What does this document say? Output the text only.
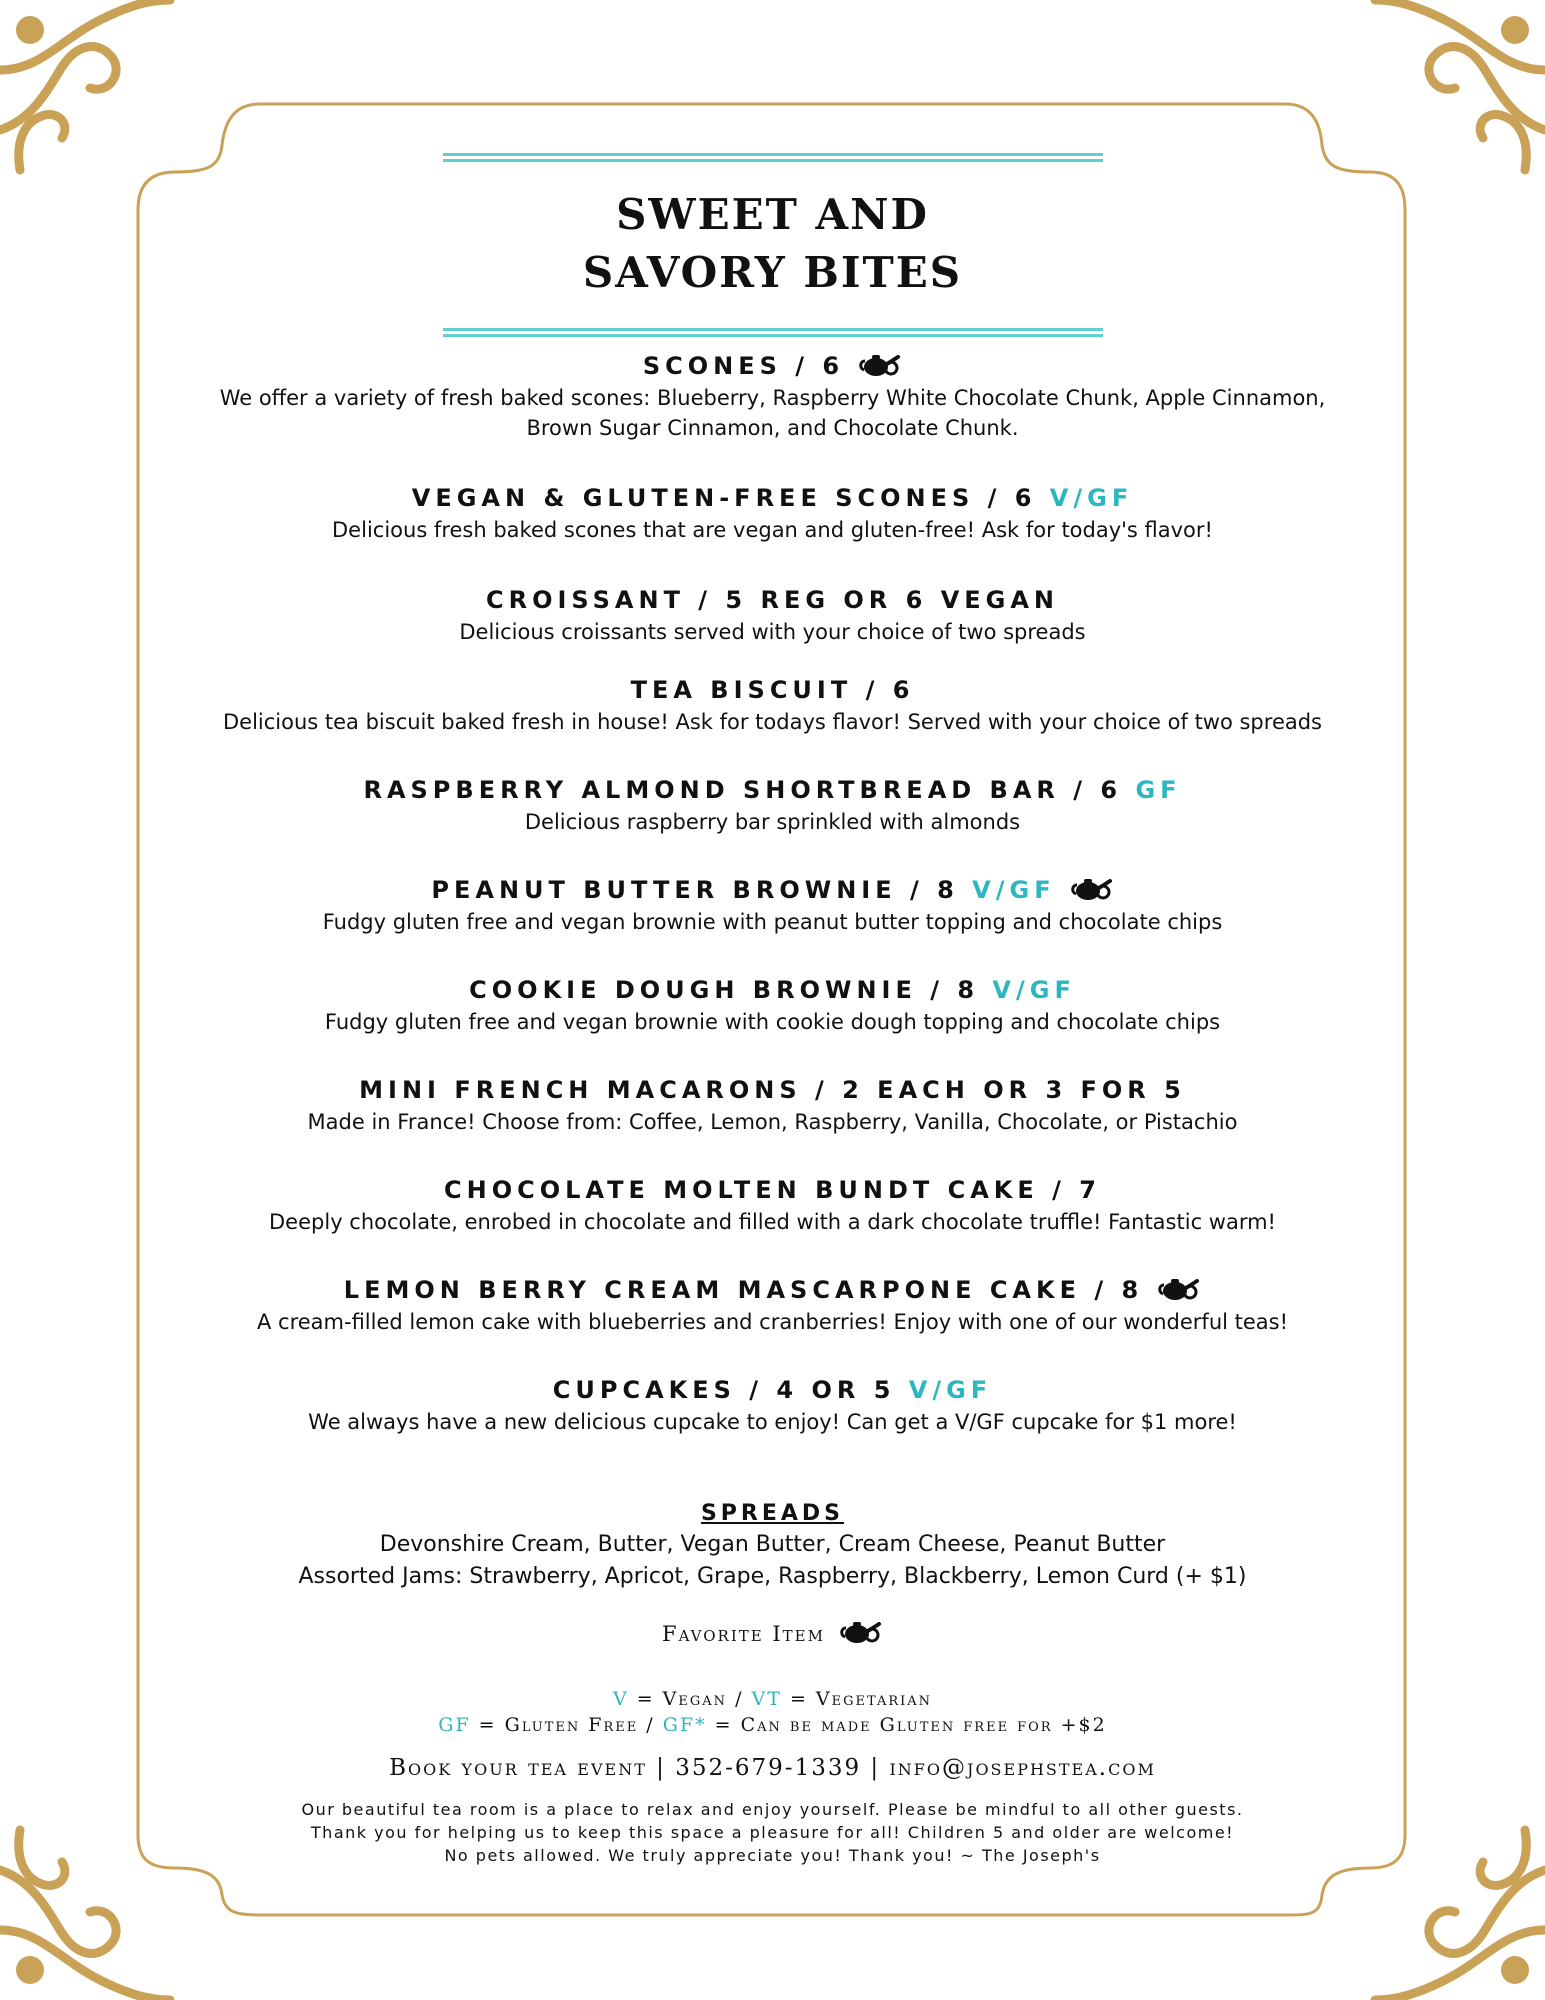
SWEET AND
SAVORY BITES
SCONES / 6
We offer a variety of fresh baked scones: Blueberry, Raspberry White Chocolate Chunk, Apple Cinnamon,
Brown Sugar Cinnamon, and Chocolate Chunk.
VEGAN & GLUTEN-FREE SCONES / 6 V/GF
Delicious fresh baked scones that are vegan and gluten-free! Ask for today's flavor!
CROISSANT / 5 REG OR 6 VEGAN
Delicious croissants served with your choice of two spreads
TEA BISCUIT / 6
Delicious tea biscuit baked fresh in house! Ask for todays flavor! Served with your choice of two spreads
RASPBERRY ALMOND SHORTBREAD BAR / 6 GF
Delicious raspberry bar sprinkled with almonds
PEANUT BUTTER BROWNIE / 8 V/GF
Fudgy gluten free and vegan brownie with peanut butter topping and chocolate chips
COOKIE DOUGH BROWNIE / 8 V/GF
Fudgy gluten free and vegan brownie with cookie dough topping and chocolate chips
MINI FRENCH MACARONS / 2 EACH OR 3 FOR 5
Made in France! Choose from: Coffee, Lemon, Raspberry, Vanilla, Chocolate, or Pistachio
CHOCOLATE MOLTEN BUNDT CAKE / 7
Deeply chocolate, enrobed in chocolate and filled with a dark chocolate truffle! Fantastic warm!
LEMON BERRY CREAM MASCARPONE CAKE / 8
A cream-filled lemon cake with blueberries and cranberries! Enjoy with one of our wonderful teas!
CUPCAKES / 4 OR 5 V/GF
We always have a new delicious cupcake to enjoy! Can get a V/GF cupcake for $1 more!
SPREADS
Devonshire Cream, Butter, Vegan Butter, Cream Cheese, Peanut Butter
Assorted Jams: Strawberry, Apricot, Grape, Raspberry, Blackberry, Lemon Curd (+ $1)
Favorite Item
V = Vegan / VT = Vegetarian
GF = Gluten Free / GF* = Can be made Gluten free for +$2
Book your tea event | 352-679-1339 | info@josephstea.com
Our beautiful tea room is a place to relax and enjoy yourself. Please be mindful to all other guests.
Thank you for helping us to keep this space a pleasure for all! Children 5 and older are welcome!
No pets allowed. We truly appreciate you! Thank you! ~ The Joseph's
